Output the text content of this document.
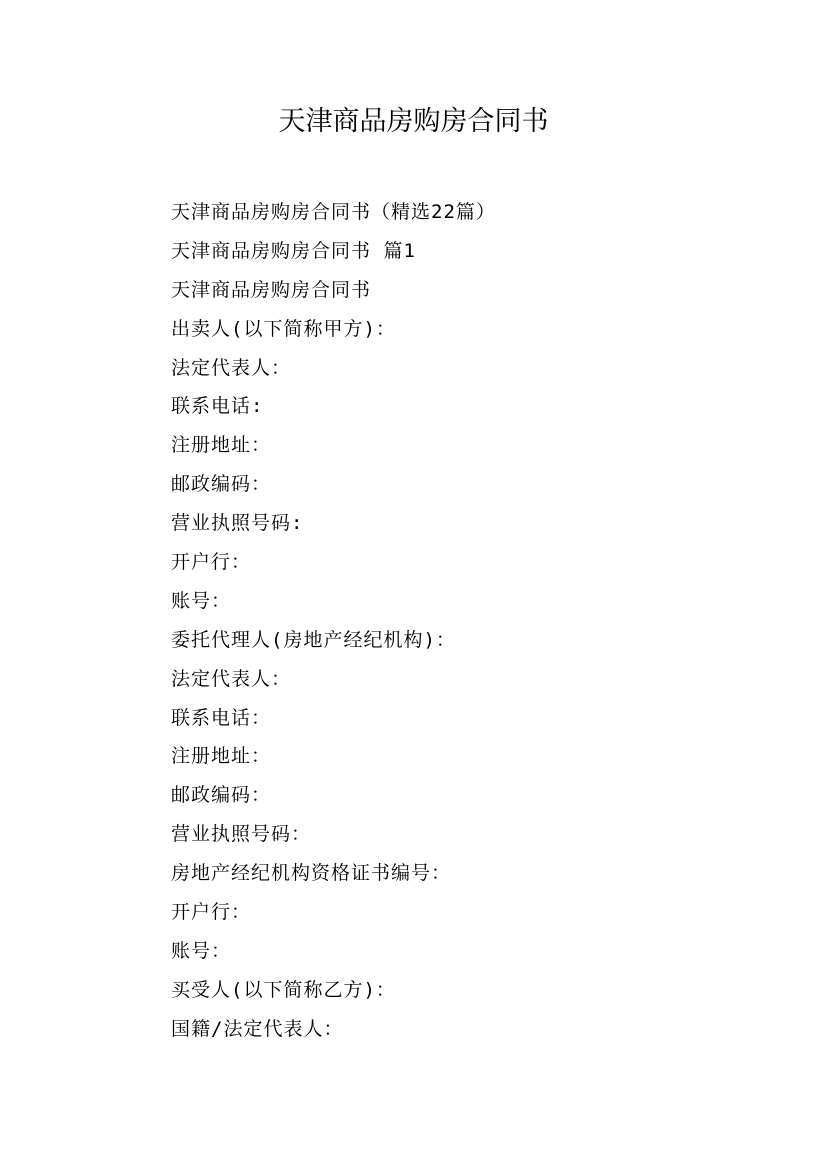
天津商品房购房合同书
天津商品房购房合同书（精选22篇）
天津商品房购房合同书 篇1
天津商品房购房合同书
出卖人(以下简称甲方)：
法定代表人：
联系电话:
注册地址：
邮政编码：
营业执照号码:
开户行：
账号：
委托代理人(房地产经纪机构)：
法定代表人：
联系电话：
注册地址：
邮政编码：
营业执照号码：
房地产经纪机构资格证书编号：
开户行：
账号：
买受人(以下简称乙方)：
国籍/法定代表人：
